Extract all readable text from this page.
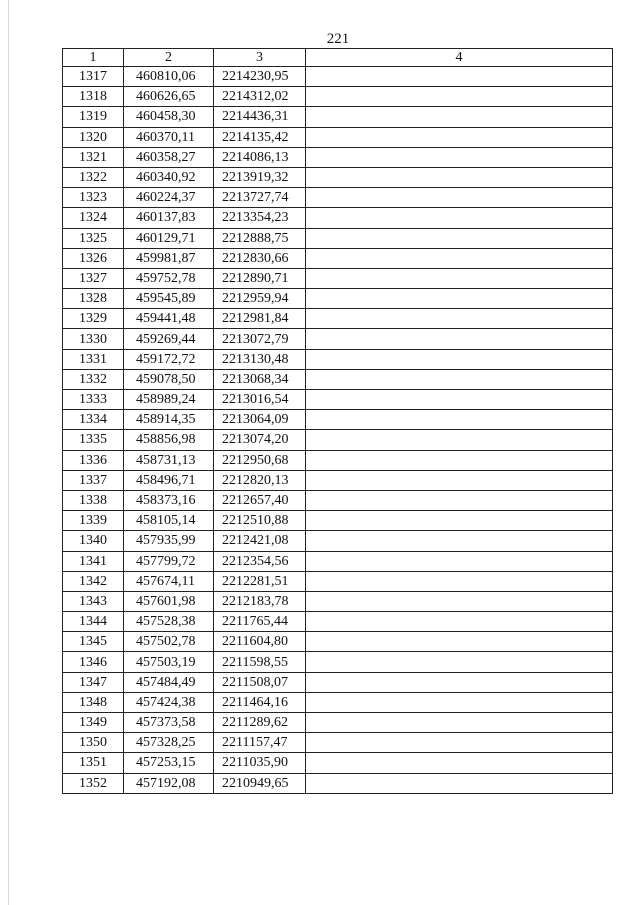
221
1	2	3	4
1317	460810,06	2214230,95	
1318	460626,65	2214312,02	
1319	460458,30	2214436,31	
1320	460370,11	2214135,42	
1321	460358,27	2214086,13	
1322	460340,92	2213919,32	
1323	460224,37	2213727,74	
1324	460137,83	2213354,23	
1325	460129,71	2212888,75	
1326	459981,87	2212830,66	
1327	459752,78	2212890,71	
1328	459545,89	2212959,94	
1329	459441,48	2212981,84	
1330	459269,44	2213072,79	
1331	459172,72	2213130,48	
1332	459078,50	2213068,34	
1333	458989,24	2213016,54	
1334	458914,35	2213064,09	
1335	458856,98	2213074,20	
1336	458731,13	2212950,68	
1337	458496,71	2212820,13	
1338	458373,16	2212657,40	
1339	458105,14	2212510,88	
1340	457935,99	2212421,08	
1341	457799,72	2212354,56	
1342	457674,11	2212281,51	
1343	457601,98	2212183,78	
1344	457528,38	2211765,44	
1345	457502,78	2211604,80	
1346	457503,19	2211598,55	
1347	457484,49	2211508,07	
1348	457424,38	2211464,16	
1349	457373,58	2211289,62	
1350	457328,25	2211157,47	
1351	457253,15	2211035,90	
1352	457192,08	2210949,65	
